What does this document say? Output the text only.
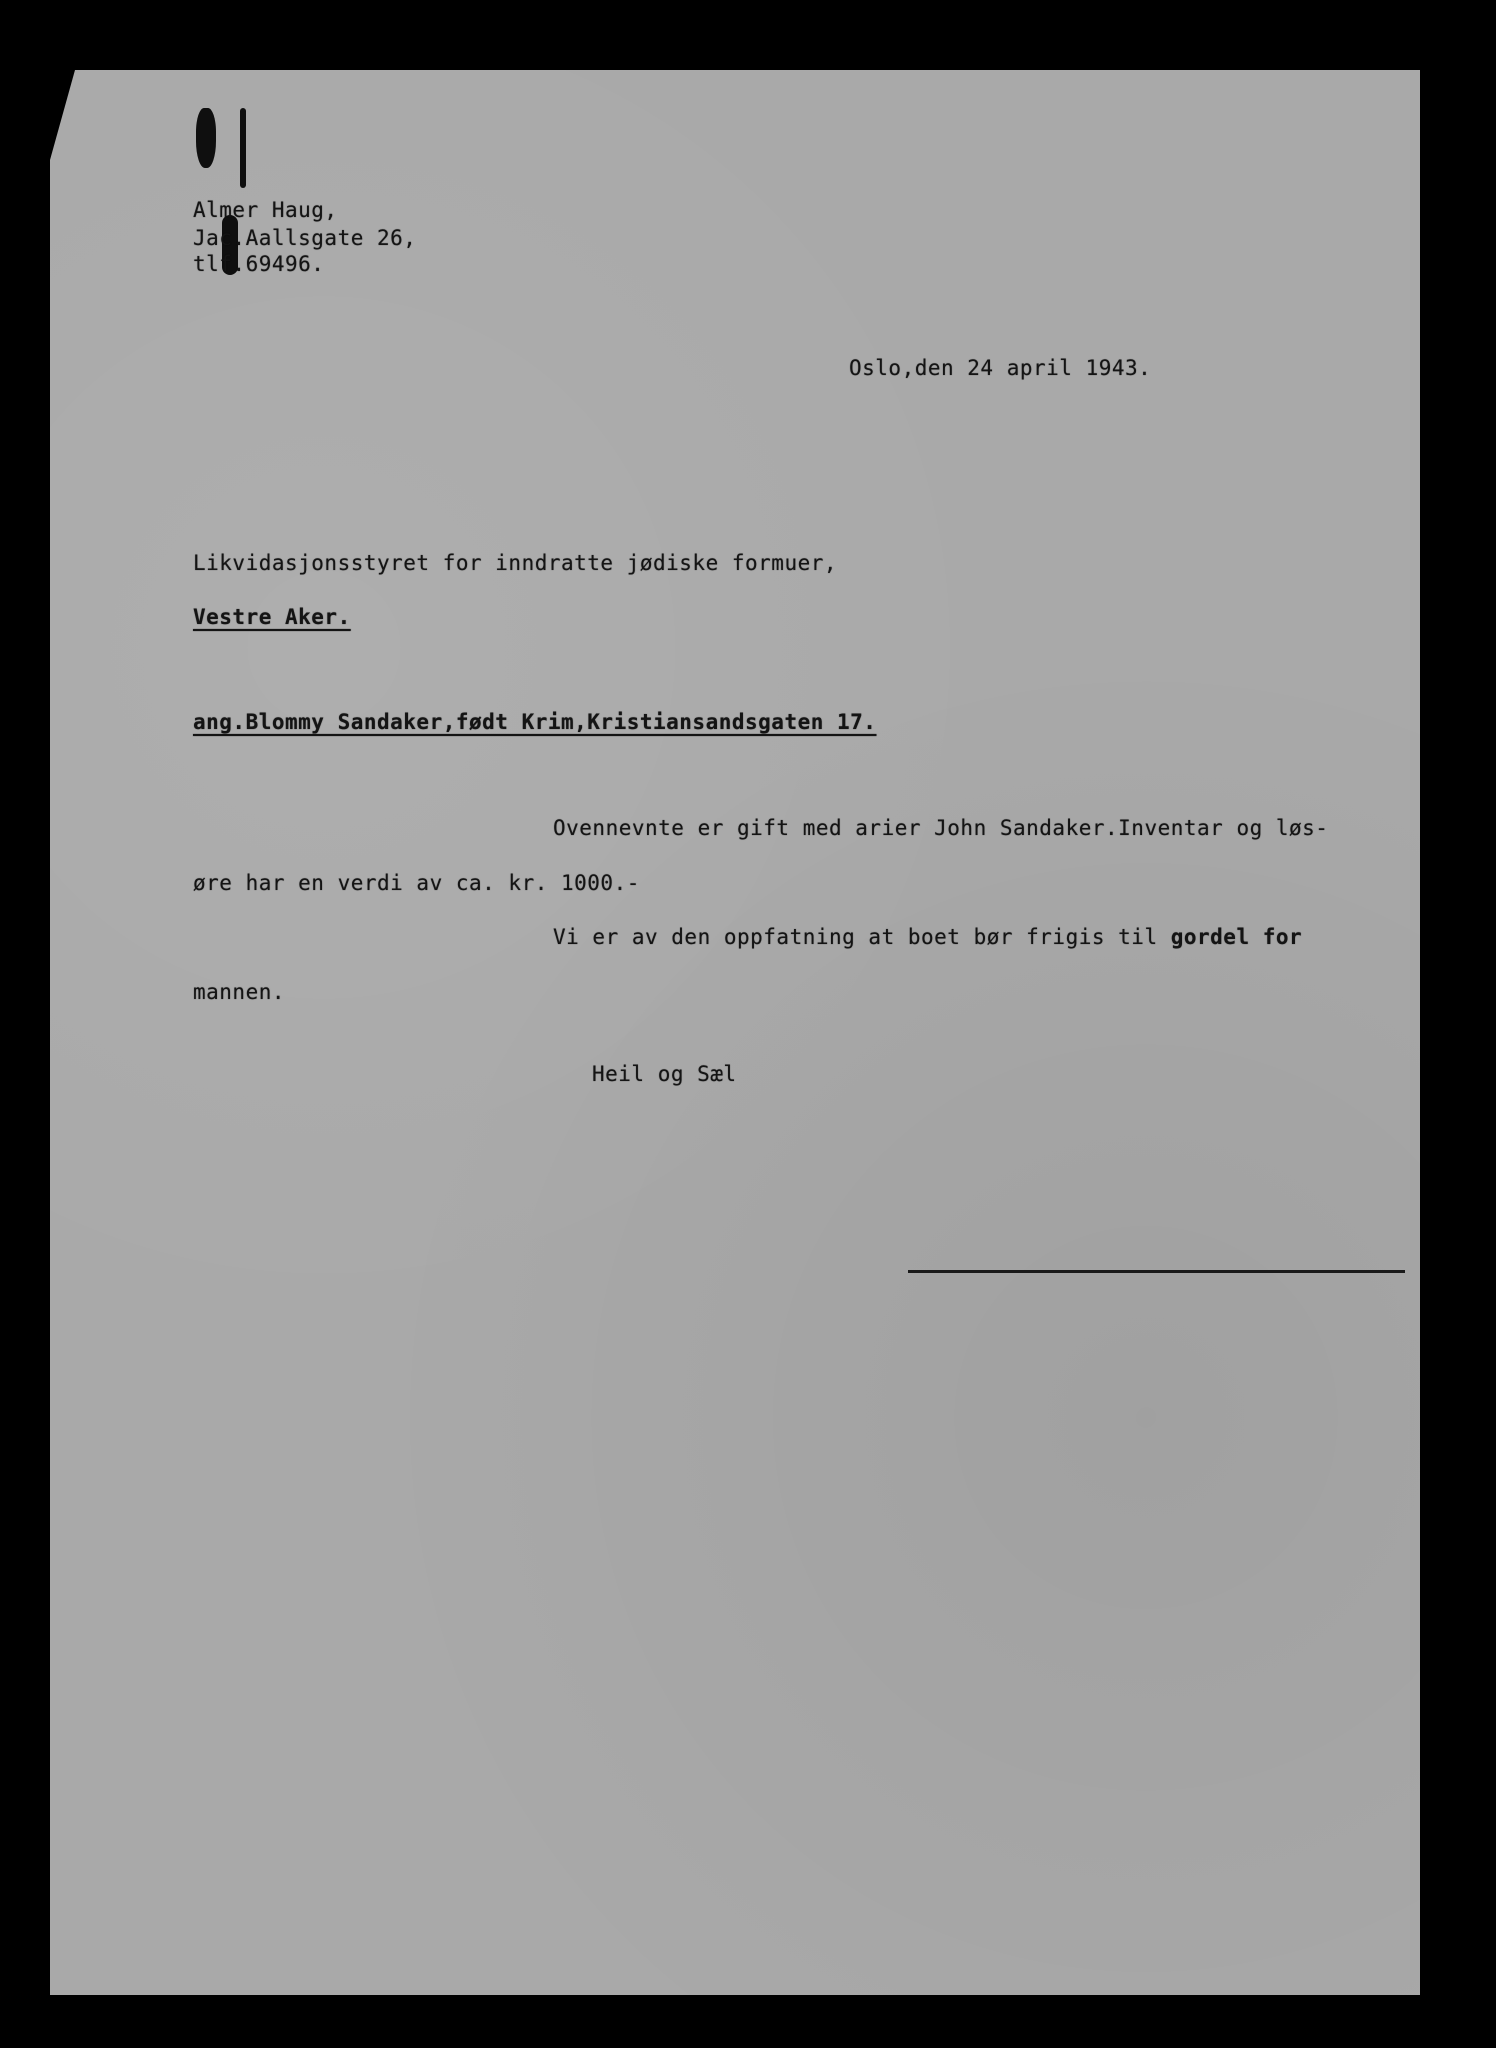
Almer Haug,
Jac.Aallsgate 26,
tlf.69496.
Oslo,den 24 april 1943.
Likvidasjonsstyret for inndratte jødiske formuer,
Vestre Aker.
ang.Blommy Sandaker,født Krim,Kristiansandsgaten 17.
Ovennevnte er gift med arier John Sandaker.Inventar og løs-
øre har en verdi av ca. kr. 1000.-
Vi er av den oppfatning at boet bør frigis til gordel for
mannen.
Heil og Sæl
